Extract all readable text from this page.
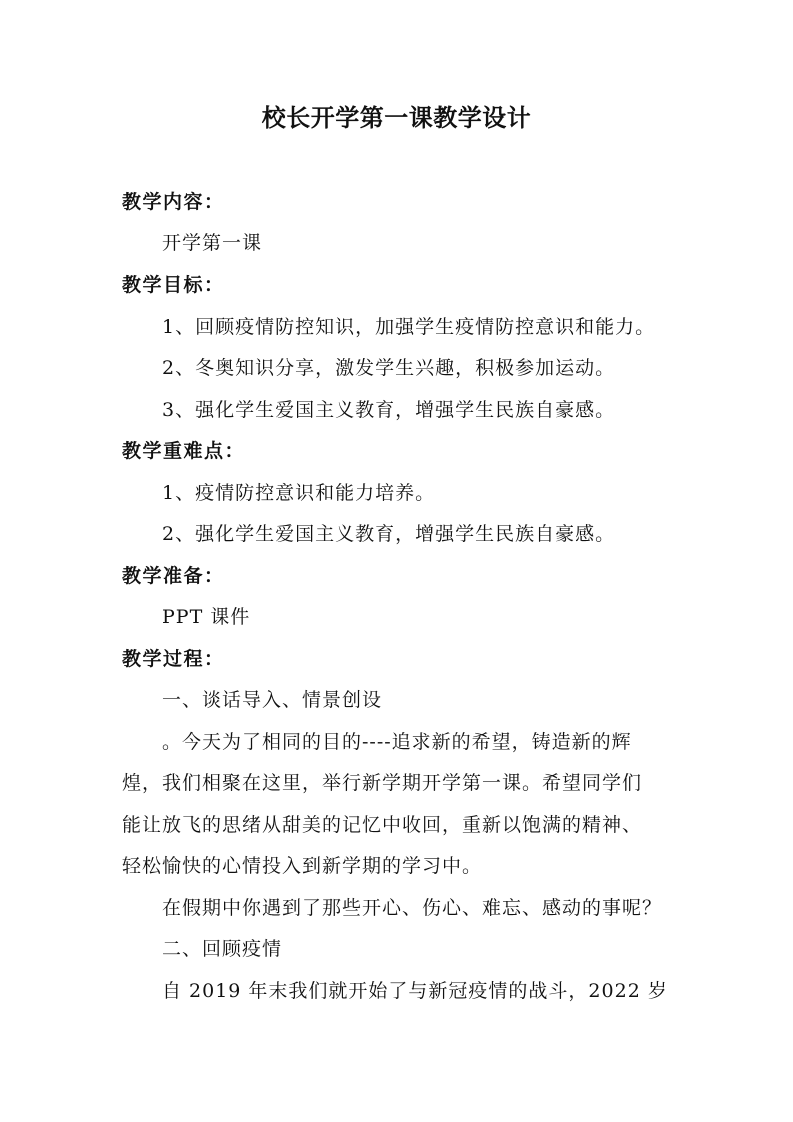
校长开学第一课教学设计
教学内容：
开学第一课
教学目标：
1、回顾疫情防控知识，加强学生疫情防控意识和能力。
2、冬奥知识分享，激发学生兴趣，积极参加运动。
3、强化学生爱国主义教育，增强学生民族自豪感。
教学重难点：
1、疫情防控意识和能力培养。
2、强化学生爱国主义教育，增强学生民族自豪感。
教学准备：
PPT 课件
教学过程：
一、谈话导入、情景创设
。今天为了相同的目的----追求新的希望，铸造新的辉
煌，我们相聚在这里，举行新学期开学第一课。希望同学们
能让放飞的思绪从甜美的记忆中收回，重新以饱满的精神、
轻松愉快的心情投入到新学期的学习中。
在假期中你遇到了那些开心、伤心、难忘、感动的事呢？
二、回顾疫情
自 2019 年末我们就开始了与新冠疫情的战斗，2022 岁
